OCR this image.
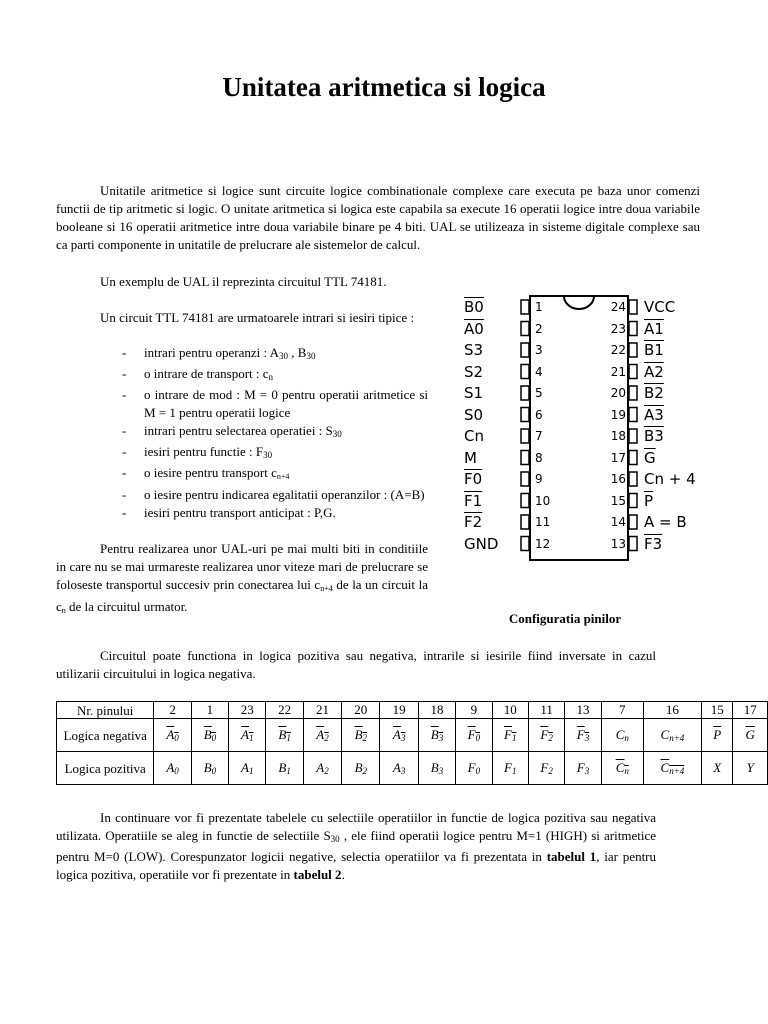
Unitatea aritmetica si logica

Unitatile aritmetice si logice sunt circuite logice combinationale complexe care executa pe baza unor comenzi functii de tip aritmetic si logic. O unitate aritmetica si logica este capabila sa execute 16 operatii logice intre doua variabile booleane si 16 operatii aritmetice intre doua variabile binare pe 4 biti. UAL se utilizeaza in sisteme digitale complexe sau ca parti componente in unitatile de prelucrare ale sistemelor de calcul.

Un exemplu de UAL il reprezinta circuitul TTL 74181.

Un circuit TTL 74181 are urmatoarele intrari si iesiri tipice :

- intrari pentru operanzi : $A_{30}$ , $B_{30}$
- o intrare de transport : $c_n$
- o intrare de mod : M = 0 pentru operatii aritmetice si M = 1 pentru operatii logice
- intrari pentru selectarea operatiei : $S_{30}$
- iesiri pentru functie : $F_{30}$
- o iesire pentru transport cn+4
- o iesire pentru indicarea egalitatii operanzilor : (A=B)
- iesiri pentru transport anticipat : P,G.

Pentru realizarea unor UAL-uri pe mai multi biti in conditiile in care nu se mai urmareste realizarea unor viteze mari de prelucrare se foloseste transportul succesiv prin conectarea lui cn+4 de la un circuit la cn de la circuitul urmator.

B0	1
A0	2
S3	3
S2	4
S1	5
S0	6
Cn	7
M	8
F0	9
F1	10
F2	11
GND	12
24 VCC
23 A1
22 B1
21 A2
20 B2
19 A3
18 B3
17 $\overline{G}$
16 Cn + 4
15 $\overline{P}$
14 A = B
13 F3
Configuratia pinilor

Circuitul poate functiona in logica pozitiva sau negativa, intrarile si iesirile fiind inversate in cazul utilizarii circuitului in logica negativa.

Nr. pinului	2	1	23	22	21	20	19	18	9	10	11	13	7	16	15	17
Logica negativa	$A_0$	$B_0$	$A_1$	$B_1$	$A_2$	$B_2$	$A_3$	$B_3$	$F_0$	$F_1$	$F_2$	$F_3$	$C_n$	$C_{n+4}$	P	G
Logica pozitiva	$A_0$	$B_0$	$A_1$	$B_1$	$A_2$	$B_2$	$A_3$	$B_3$	$F_0$	$F_1$	$F_2$	$F_3$	$C_n$	$C_{n+4}$	X	Y

In continuare vor fi prezentate tabelele cu selectiile operatiilor in functie de logica pozitiva sau negativa utilizata. Operatiile se aleg in functie de selectiile $S_{30}$ , ele fiind operatii logice pentru M=1 (HIGH) si aritmetice pentru M=0 (LOW). Corespunzator logicii negative, selectia operatiilor va fi prezentata in tabelul 1, iar pentru logica pozitiva, operatiile vor fi prezentate in tabelul 2.
